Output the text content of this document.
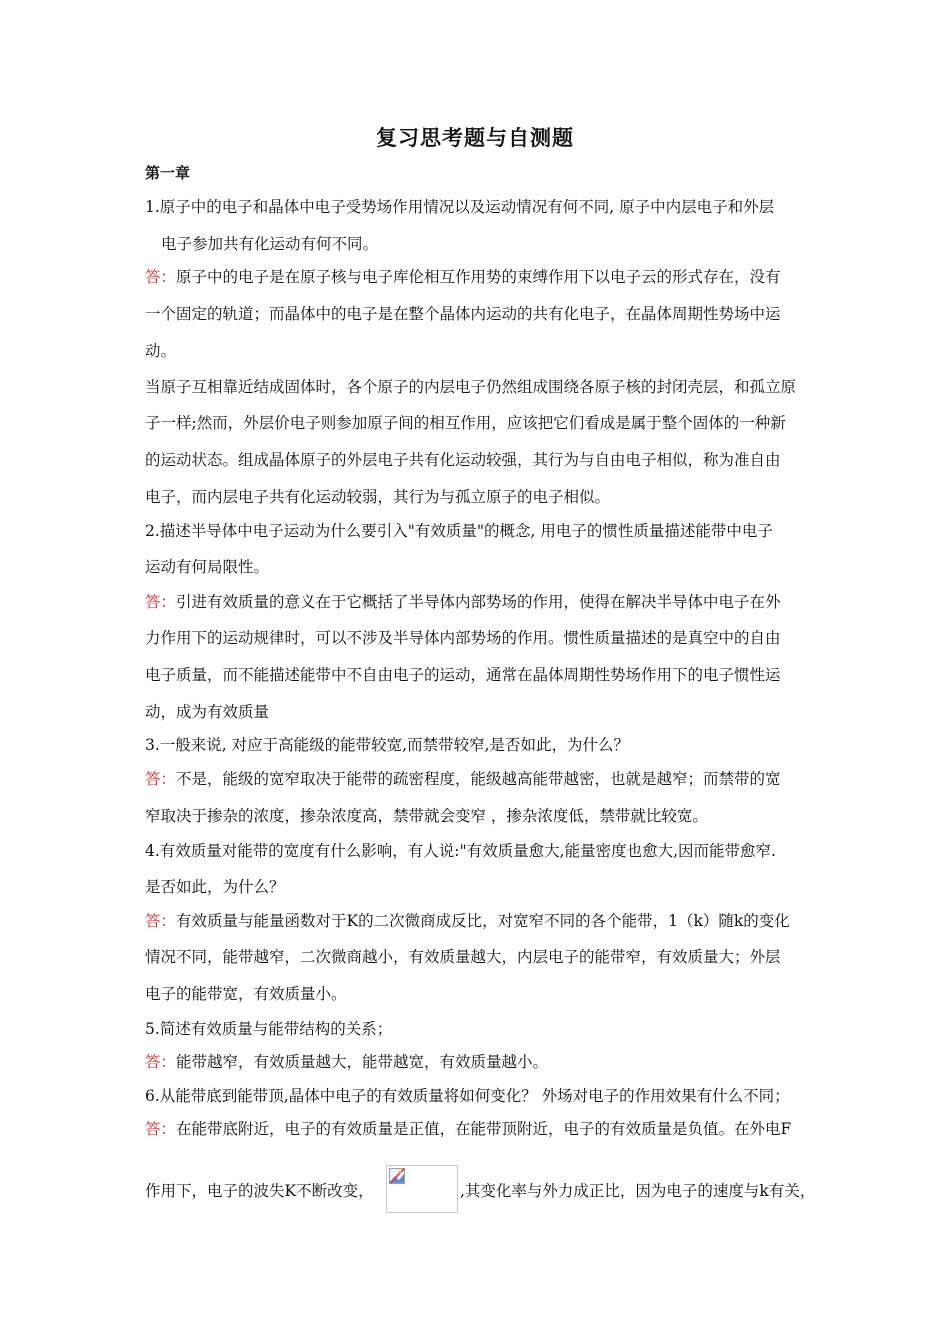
复习思考题与自测题
第一章
1.原子中的电子和晶体中电子受势场作用情况以及运动情况有何不同, 原子中内层电子和外层
电子参加共有化运动有何不同。
答：原子中的电子是在原子核与电子库伦相互作用势的束缚作用下以电子云的形式存在，没有
一个固定的轨道；而晶体中的电子是在整个晶体内运动的共有化电子，在晶体周期性势场中运
动。
当原子互相靠近结成固体时，各个原子的内层电子仍然组成围绕各原子核的封闭壳层，和孤立原
子一样;然而，外层价电子则参加原子间的相互作用，应该把它们看成是属于整个固体的一种新
的运动状态。组成晶体原子的外层电子共有化运动较强，其行为与自由电子相似，称为准自由
电子，而内层电子共有化运动较弱，其行为与孤立原子的电子相似。
2.描述半导体中电子运动为什么要引入"有效质量"的概念, 用电子的惯性质量描述能带中电子
运动有何局限性。
答：引进有效质量的意义在于它概括了半导体内部势场的作用，使得在解决半导体中电子在外
力作用下的运动规律时，可以不涉及半导体内部势场的作用。惯性质量描述的是真空中的自由
电子质量，而不能描述能带中不自由电子的运动，通常在晶体周期性势场作用下的电子惯性运
动，成为有效质量
3.一般来说, 对应于高能级的能带较宽,而禁带较窄,是否如此，为什么？
答：不是，能级的宽窄取决于能带的疏密程度，能级越高能带越密，也就是越窄；而禁带的宽
窄取决于掺杂的浓度，掺杂浓度高，禁带就会变窄 ，掺杂浓度低，禁带就比较宽。
4.有效质量对能带的宽度有什么影响，有人说:"有效质量愈大,能量密度也愈大,因而能带愈窄.
是否如此，为什么？
答：有效质量与能量函数对于K的二次微商成反比，对宽窄不同的各个能带，1（k）随k的变化
情况不同，能带越窄，二次微商越小，有效质量越大，内层电子的能带窄，有效质量大；外层
电子的能带宽，有效质量小。
5.简述有效质量与能带结构的关系；
答：能带越窄，有效质量越大，能带越宽，有效质量越小。
6.从能带底到能带顶,晶体中电子的有效质量将如何变化？ 外场对电子的作用效果有什么不同；
答：在能带底附近，电子的有效质量是正值，在能带顶附近，电子的有效质量是负值。在外电F
作用下，电子的波失K不断改变，	,其变化率与外力成正比，因为电子的速度与k有关，
